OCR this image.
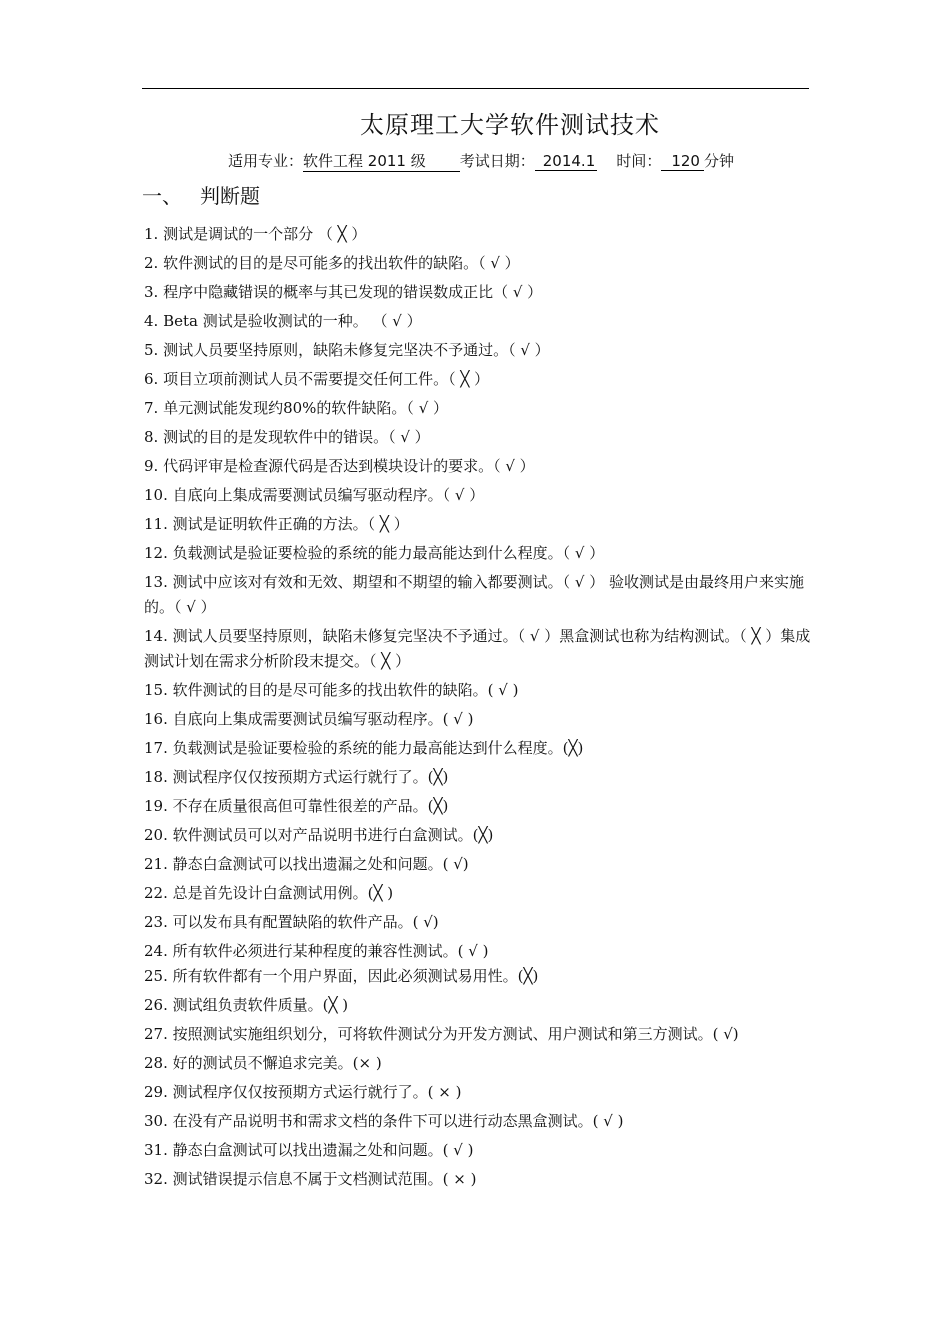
太原理工大学软件测试技术
适用专业：软件工程 2011 级 考试日期： 2014.1 时间： 120 分钟
一、 判断题
1. 测试是调试的一个部分 （ ╳ ）
2. 软件测试的目的是尽可能多的找出软件的缺陷。（ √ ）
3. 程序中隐藏错误的概率与其已发现的错误数成正比（ √ ）
4. Beta 测试是验收测试的一种。 （ √ ）
5. 测试人员要坚持原则，缺陷未修复完坚决不予通过。（ √ ）
6. 项目立项前测试人员不需要提交任何工件。（ ╳ ）
7. 单元测试能发现约80%的软件缺陷。（ √ ）
8. 测试的目的是发现软件中的错误。（ √ ）
9. 代码评审是检查源代码是否达到模块设计的要求。（ √ ）
10. 自底向上集成需要测试员编写驱动程序。（ √ ）
11. 测试是证明软件正确的方法。（ ╳ ）
12. 负载测试是验证要检验的系统的能力最高能达到什么程度。（ √ ）
13. 测试中应该对有效和无效、期望和不期望的输入都要测试。（ √ ） 验收测试是由最终用户来实施的。（ √ ）
14. 测试人员要坚持原则，缺陷未修复完坚决不予通过。（ √ ）黑盒测试也称为结构测试。（ ╳ ）集成测试计划在需求分析阶段末提交。（ ╳ ）
15. 软件测试的目的是尽可能多的找出软件的缺陷。( √ )
16. 自底向上集成需要测试员编写驱动程序。( √ )
17. 负载测试是验证要检验的系统的能力最高能达到什么程度。(╳)
18. 测试程序仅仅按预期方式运行就行了。(╳)
19. 不存在质量很高但可靠性很差的产品。(╳)
20. 软件测试员可以对产品说明书进行白盒测试。(╳)
21. 静态白盒测试可以找出遗漏之处和问题。( √)
22. 总是首先设计白盒测试用例。(╳ )
23. 可以发布具有配置缺陷的软件产品。( √)
24. 所有软件必须进行某种程度的兼容性测试。( √ )
25. 所有软件都有一个用户界面，因此必须测试易用性。(╳)
26. 测试组负责软件质量。(╳ )
27. 按照测试实施组织划分，可将软件测试分为开发方测试、用户测试和第三方测试。( √)
28. 好的测试员不懈追求完美。(× )
29. 测试程序仅仅按预期方式运行就行了。( × )
30. 在没有产品说明书和需求文档的条件下可以进行动态黑盒测试。( √ )
31. 静态白盒测试可以找出遗漏之处和问题。( √ )
32. 测试错误提示信息不属于文档测试范围。( × )
